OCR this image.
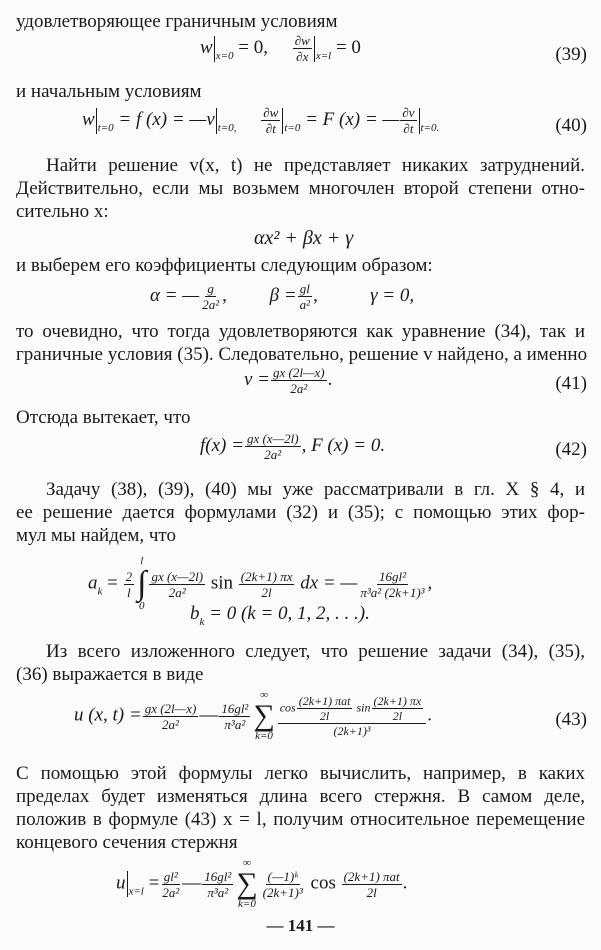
удовлетворяющее граничным условиям
w $_{x=0}$ = 0, $\frac{\partial w}{\partial x} _{x=l} = 0$	(39)
и начальным условиям
w $_{t=0}$ = f (x) = —v $_{t=0,} \frac{\partial w}{\partial t} _{t=0} = F$ (x) = — $\frac{\partial v}{\partial t} _{t=0.}$	(40)
Найти решение v(x, t) не представляет никаких затруднений.
Действительно, если мы возьмем многочлен второй степени отно-
сительно x:
αx² + βx + γ
и выберем его коэффициенты следующим образом:
α = — $\frac{g}{\text{2a²}}$ , $\beta = \frac{gl}{\text{a²}}$ ,	γ = 0,
то очевидно, что тогда удовлетворяются как уравнение (34), так и
граничные условия (35). Следовательно, решение v найдено, а именно
$v = \frac{gx (2l—x)}{\text{2a²}}$ .	(41)
Отсюда вытекает, что
$f(x) = \frac{gx (x—2l)}{\text{2a²}}$ , F (x) = 0.	(42)
Задачу (38), (39), (40) мы уже рассматривали в гл. X § 4, и
ее решение дается формулами (32) и (35); с помощью этих фор-
мул мы найдем, что
$a_k = \frac{2}{l}$
l
∫
0
$\frac{gx (x—2l)}{\text{2a²}}$ $\sin \frac{(2k+1) \pi x}{2l}$ dx = — $\frac{\text{16gl²}}{\text{π³a² (2k+1)³}}$ ,
$b_k = 0$ (k = 0, 1, 2, . . .).
Из всего изложенного следует, что решение задачи (34), (35),
(36) выражается в виде
u (x, $t) = \frac{gx (2l—x)}{\text{2a²}}$ — $\frac{\text{16gl²}}{\text{π³a²}}$
∞
∑
k=0
cos (2k+1) πat
2l
$\sin \frac{(2k+1) \pi x}{2l}$
(2k+1)³
.	(43)
С помощью этой формулы легко вычислить, например, в каких
пределах будет изменяться длина всего стержня. В самом деле,
положив в формуле (43) x = l, получим относительное перемещение
концевого сечения стержня
u $_{x=l} = \frac{\text{gl²}}{\text{2a²}}$ — $\frac{\text{16gl²}}{\text{π³a²}}$
∞
∑
k=0
$\frac{\text{(—1)ᵏ}}{\text{(2k+1)³}}$ cos (2k+1) πat
2l .
— 141 —
